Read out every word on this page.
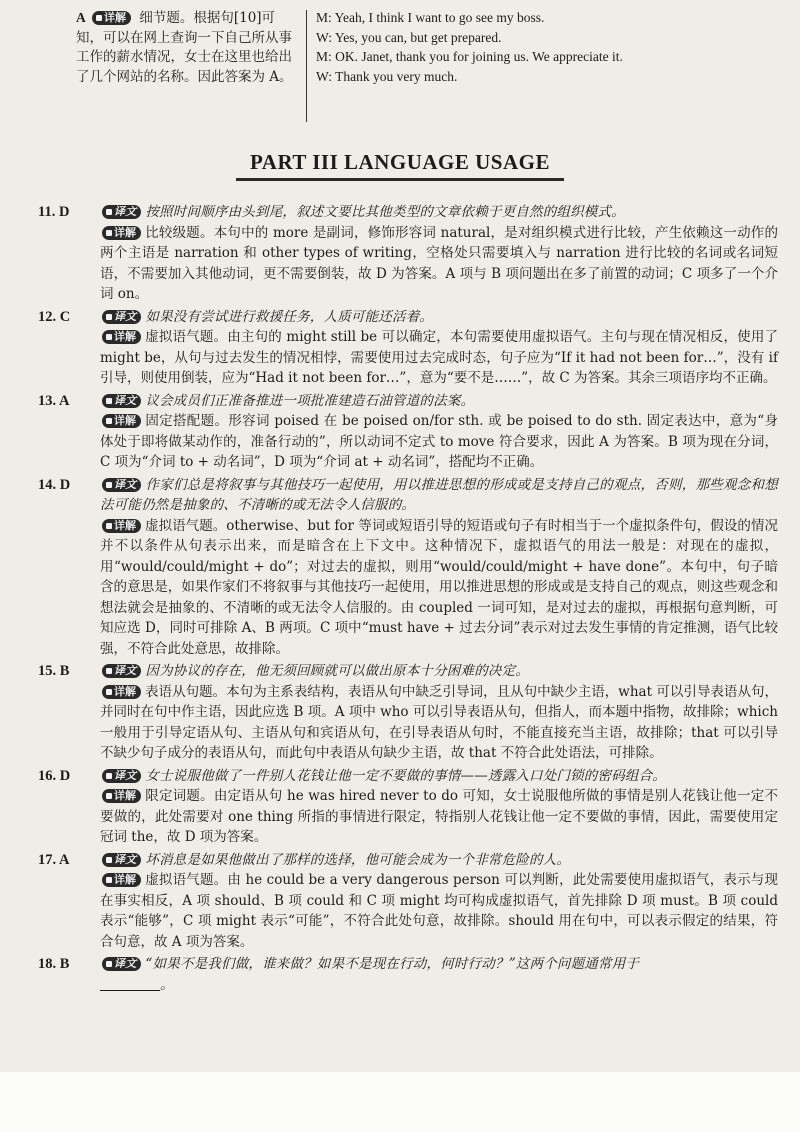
A 详解 细节题。根据句[10]可知，可以在网上查询一下自己所从事工作的薪水情况，女士在这里也给出了几个网站的名称。因此答案为 A。
M: Yeah, I think I want to go see my boss.
W: Yes, you can, but get prepared.
M: OK. Janet, thank you for joining us. We appreciate it.
W: Thank you very much.
PART III LANGUAGE USAGE
11. D	译文 按照时间顺序由头到尾，叙述文要比其他类型的文章依赖于更自然的组织模式。

详解 比较级题。本句中的 more 是副词，修饰形容词 natural，是对组织模式进行比较，产生依赖这一动作的两个主语是 narration 和 other types of writing，空格处只需要填入与 narration 进行比较的名词或名词短语，不需要加入其他动词，更不需要倒装，故 D 为答案。A 项与 B 项问题出在多了前置的动词；C 项多了一个介词 on。

12. C	译文 如果没有尝试进行救援任务，人质可能还活着。

详解 虚拟语气题。由主句的 might still be 可以确定，本句需要使用虚拟语气。主句与现在情况相反，使用了 might be，从句与过去发生的情况相悖，需要使用过去完成时态，句子应为“If it had not been for…”，没有 if 引导，则使用倒装，应为“Had it not been for…”，意为“要不是……”，故 C 为答案。其余三项语序均不正确。

13. A	译文 议会成员们正准备推进一项批准建造石油管道的法案。

详解 固定搭配题。形容词 poised 在 be poised on/for sth. 或 be poised to do sth. 固定表达中，意为“身体处于即将做某动作的，准备行动的”，所以动词不定式 to move 符合要求，因此 A 为答案。B 项为现在分词，C 项为“介词 to + 动名词”，D 项为“介词 at + 动名词”，搭配均不正确。

14. D	译文 作家们总是将叙事与其他技巧一起使用，用以推进思想的形成或是支持自己的观点，否则，那些观念和想法可能仍然是抽象的、不清晰的或无法令人信服的。

详解 虚拟语气题。otherwise、but for 等词或短语引导的短语或句子有时相当于一个虚拟条件句，假设的情况并不以条件从句表示出来，而是暗含在上下文中。这种情况下，虚拟语气的用法一般是：对现在的虚拟，用“would/could/might + do”；对过去的虚拟，则用“would/could/might + have done”。本句中，句子暗含的意思是，如果作家们不将叙事与其他技巧一起使用，用以推进思想的形成或是支持自己的观点，则这些观念和想法就会是抽象的、不清晰的或无法令人信服的。由 coupled 一词可知，是对过去的虚拟，再根据句意判断，可知应选 D，同时可排除 A、B 两项。C 项中“must have + 过去分词”表示对过去发生事情的肯定推测，语气比较强，不符合此处意思，故排除。

15. B	译文 因为协议的存在，他无须回顾就可以做出原本十分困难的决定。

详解 表语从句题。本句为主系表结构，表语从句中缺乏引导词，且从句中缺少主语，what 可以引导表语从句，并同时在句中作主语，因此应选 B 项。A 项中 who 可以引导表语从句，但指人，而本题中指物，故排除；which 一般用于引导定语从句、主语从句和宾语从句，在引导表语从句时，不能直接充当主语，故排除；that 可以引导不缺少句子成分的表语从句，而此句中表语从句缺少主语，故 that 不符合此处语法，可排除。

16. D	译文 女士说服他做了一件别人花钱让他一定不要做的事情——透露入口处门锁的密码组合。

详解 限定词题。由定语从句 he was hired never to do 可知，女士说服他所做的事情是别人花钱让他一定不要做的，此处需要对 one thing 所指的事情进行限定，特指别人花钱让他一定不要做的事情，因此，需要使用定冠词 the，故 D 项为答案。

17. A	译文 坏消息是如果他做出了那样的选择，他可能会成为一个非常危险的人。

详解 虚拟语气题。由 he could be a very dangerous person 可以判断，此处需要使用虚拟语气，表示与现在事实相反，A 项 should、B 项 could 和 C 项 might 均可构成虚拟语气，首先排除 D 项 must。B 项 could 表示“能够”，C 项 might 表示“可能”，不符合此处句意，故排除。should 用在句中，可以表示假定的结果，符合句意，故 A 项为答案。

18. B	译文 “如果不是我们做，谁来做？如果不是现在行动，何时行动？”这两个问题通常用于
。
